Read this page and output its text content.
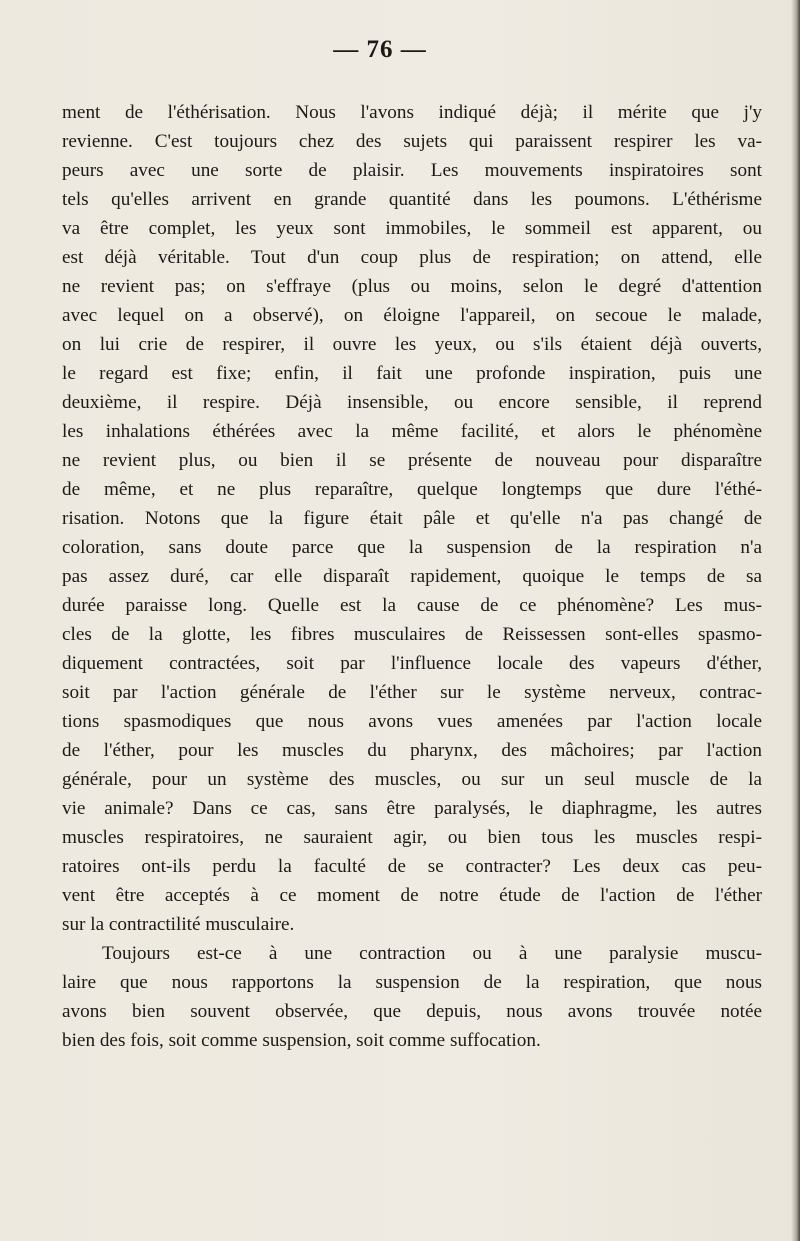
— 76 —
ment de l'éthérisation. Nous l'avons indiqué déjà; il mérite que j'y
revienne. C'est toujours chez des sujets qui paraissent respirer les va-
peurs avec une sorte de plaisir. Les mouvements inspiratoires sont
tels qu'elles arrivent en grande quantité dans les poumons. L'éthérisme
va être complet, les yeux sont immobiles, le sommeil est apparent, ou
est déjà véritable. Tout d'un coup plus de respiration; on attend, elle
ne revient pas; on s'effraye (plus ou moins, selon le degré d'attention
avec lequel on a observé), on éloigne l'appareil, on secoue le malade,
on lui crie de respirer, il ouvre les yeux, ou s'ils étaient déjà ouverts,
le regard est fixe; enfin, il fait une profonde inspiration, puis une
deuxième, il respire. Déjà insensible, ou encore sensible, il reprend
les inhalations éthérées avec la même facilité, et alors le phénomène
ne revient plus, ou bien il se présente de nouveau pour disparaître
de même, et ne plus reparaître, quelque longtemps que dure l'éthé-
risation. Notons que la figure était pâle et qu'elle n'a pas changé de
coloration, sans doute parce que la suspension de la respiration n'a
pas assez duré, car elle disparaît rapidement, quoique le temps de sa
durée paraisse long. Quelle est la cause de ce phénomène? Les mus-
cles de la glotte, les fibres musculaires de Reissessen sont-elles spasmo-
diquement contractées, soit par l'influence locale des vapeurs d'éther,
soit par l'action générale de l'éther sur le système nerveux, contrac-
tions spasmodiques que nous avons vues amenées par l'action locale
de l'éther, pour les muscles du pharynx, des mâchoires; par l'action
générale, pour un système des muscles, ou sur un seul muscle de la
vie animale? Dans ce cas, sans être paralysés, le diaphragme, les autres
muscles respiratoires, ne sauraient agir, ou bien tous les muscles respi-
ratoires ont-ils perdu la faculté de se contracter? Les deux cas peu-
vent être acceptés à ce moment de notre étude de l'action de l'éther
sur la contractilité musculaire.
Toujours est-ce à une contraction ou à une paralysie muscu-
laire que nous rapportons la suspension de la respiration, que nous
avons bien souvent observée, que depuis, nous avons trouvée notée
bien des fois, soit comme suspension, soit comme suffocation.
